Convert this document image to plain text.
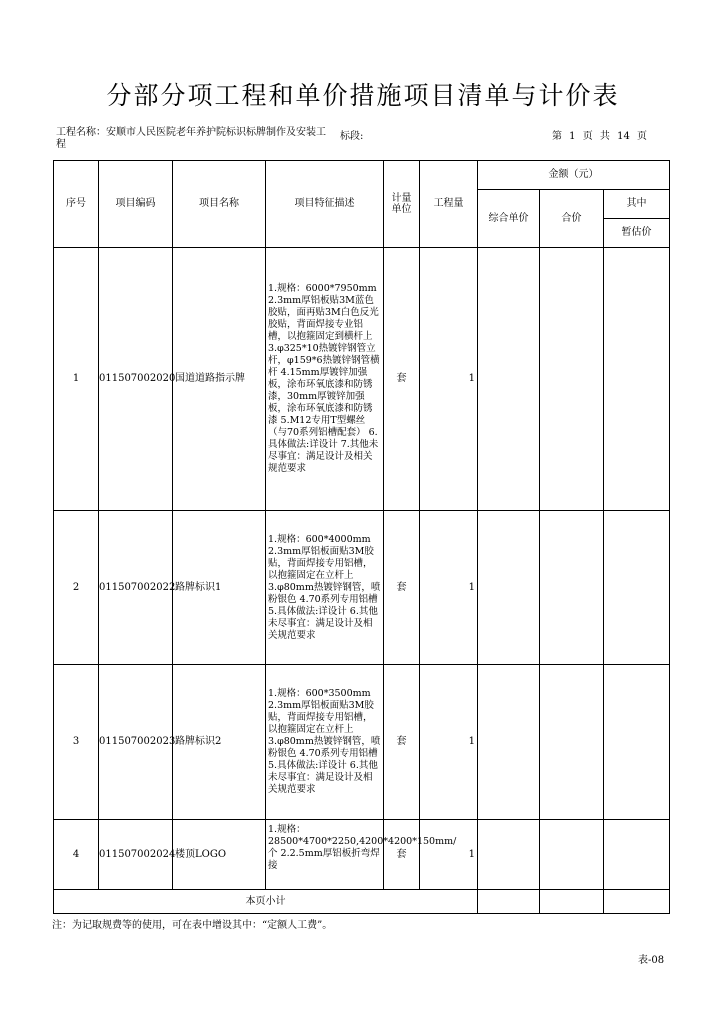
分部分项工程和单价措施项目清单与计价表
工程名称：安顺市人民医院老年养护院标识标牌制作及安装工程
标段:	第 1 页 共 14 页
序号	项目编码	项目名称	项目特征描述	计量单位	工程量	金额（元）		
						综合单价	合价	其中
								暂估价
1	011507002020	国道道路指示牌	1.规格：6000*7950mm 2.3mm厚铝板贴3M蓝色胶贴，面再贴3M白色反光胶贴，背面焊接专业铝槽，以抱箍固定到横杆上 3.φ325*10热镀锌钢管立杆，φ159*6热镀锌钢管横杆 4.15mm厚镀锌加强板，涂布环氧底漆和防锈漆，30mm厚镀锌加强板，涂布环氧底漆和防锈漆 5.M12专用T型螺丝（与70系列铝槽配套） 6.具体做法:详设计 7.其他未尽事宜：满足设计及相关规范要求	套	1			
2	011507002022	路牌标识1	1.规格：600*4000mm 2.3mm厚铝板面贴3M胶贴，背面焊接专用铝槽，以抱箍固定在立杆上 3.φ80mm热镀锌钢管，喷粉银色 4.70系列专用铝槽 5.具体做法:详设计 6.其他未尽事宜：满足设计及相关规范要求	套	1			
3	011507002023	路牌标识2	1.规格：600*3500mm 2.3mm厚铝板面贴3M胶贴，背面焊接专用铝槽，以抱箍固定在立杆上 3.φ80mm热镀锌钢管，喷粉银色 4.70系列专用铝槽 5.具体做法:详设计 6.其他未尽事宜：满足设计及相关规范要求	套	1			
4	011507002024	楼顶LOGO	1.规格：28500*4700*2250,4200*4200*150mm/个 2.2.5mm厚铝板折弯焊接	套	1			
本页小计								
注：为记取规费等的使用，可在表中增设其中：“定额人工费”。
表-08
